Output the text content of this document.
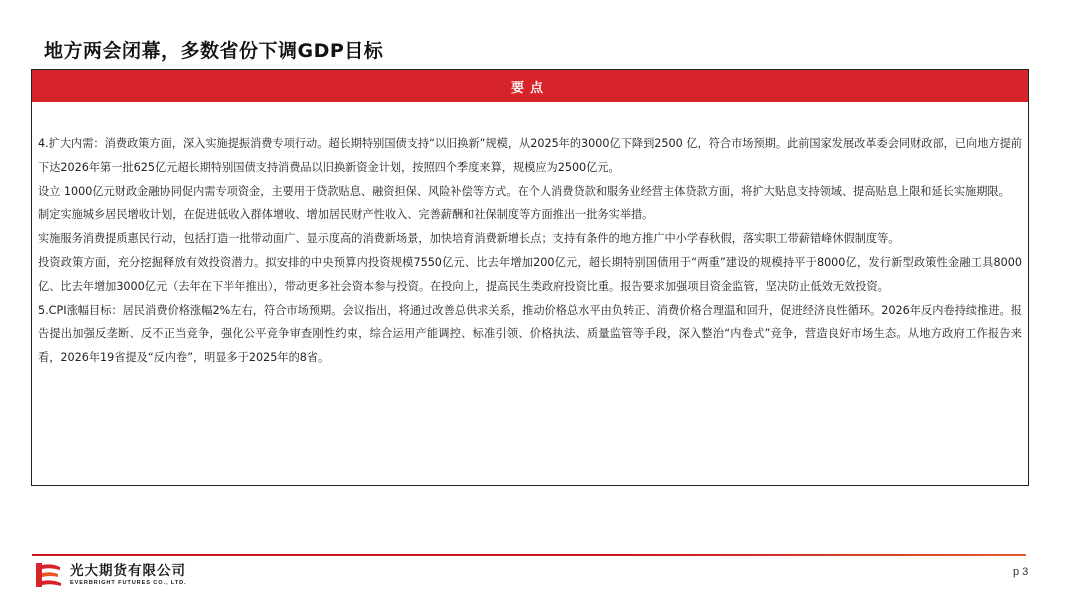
地方两会闭幕，多数省份下调GDP目标
要点

4.扩大内需：消费政策方面，深入实施提振消费专项行动。超长期特别国债支持“以旧换新”规模，从2025年的3000亿下降到2500 亿，符合市场预期。此前国家发展改革委会同财政部，已向地方提前下达2026年第一批625亿元超长期特别国债支持消费品以旧换新资金计划，按照四个季度来算，规模应为2500亿元。

设立 1000亿元财政金融协同促内需专项资金，主要用于贷款贴息、融资担保、风险补偿等方式。在个人消费贷款和服务业经营主体贷款方面，将扩大贴息支持领域、提高贴息上限和延长实施期限。

制定实施城乡居民增收计划，在促进低收入群体增收、增加居民财产性收入、完善薪酬和社保制度等方面推出一批务实举措。

实施服务消费提质惠民行动，包括打造一批带动面广、显示度高的消费新场景，加快培育消费新增长点；支持有条件的地方推广中小学春秋假，落实职工带薪错峰休假制度等。

投资政策方面，充分挖掘释放有效投资潜力。拟安排的中央预算内投资规模7550亿元、比去年增加200亿元，超长期特别国债用于“两重”建设的规模持平于8000亿，发行新型政策性金融工具8000亿、比去年增加3000亿元（去年在下半年推出），带动更多社会资本参与投资。在投向上，提高民生类政府投资比重。报告要求加强项目资金监管，坚决防止低效无效投资。

5.CPI涨幅目标：居民消费价格涨幅2%左右，符合市场预期。会议指出，将通过改善总供求关系，推动价格总水平由负转正、消费价格合理温和回升，促进经济良性循环。2026年反内卷持续推进。报告提出加强反垄断、反不正当竞争，强化公平竞争审查刚性约束，综合运用产能调控、标准引领、价格执法、质量监管等手段，深入整治“内卷式”竞争，营造良好市场生态。从地方政府工作报告来看，2026年19省提及“反内卷”，明显多于2025年的8省。

光大期货有限公司
EVERBRIGHT FUTURES CO., LTD.
p 3
